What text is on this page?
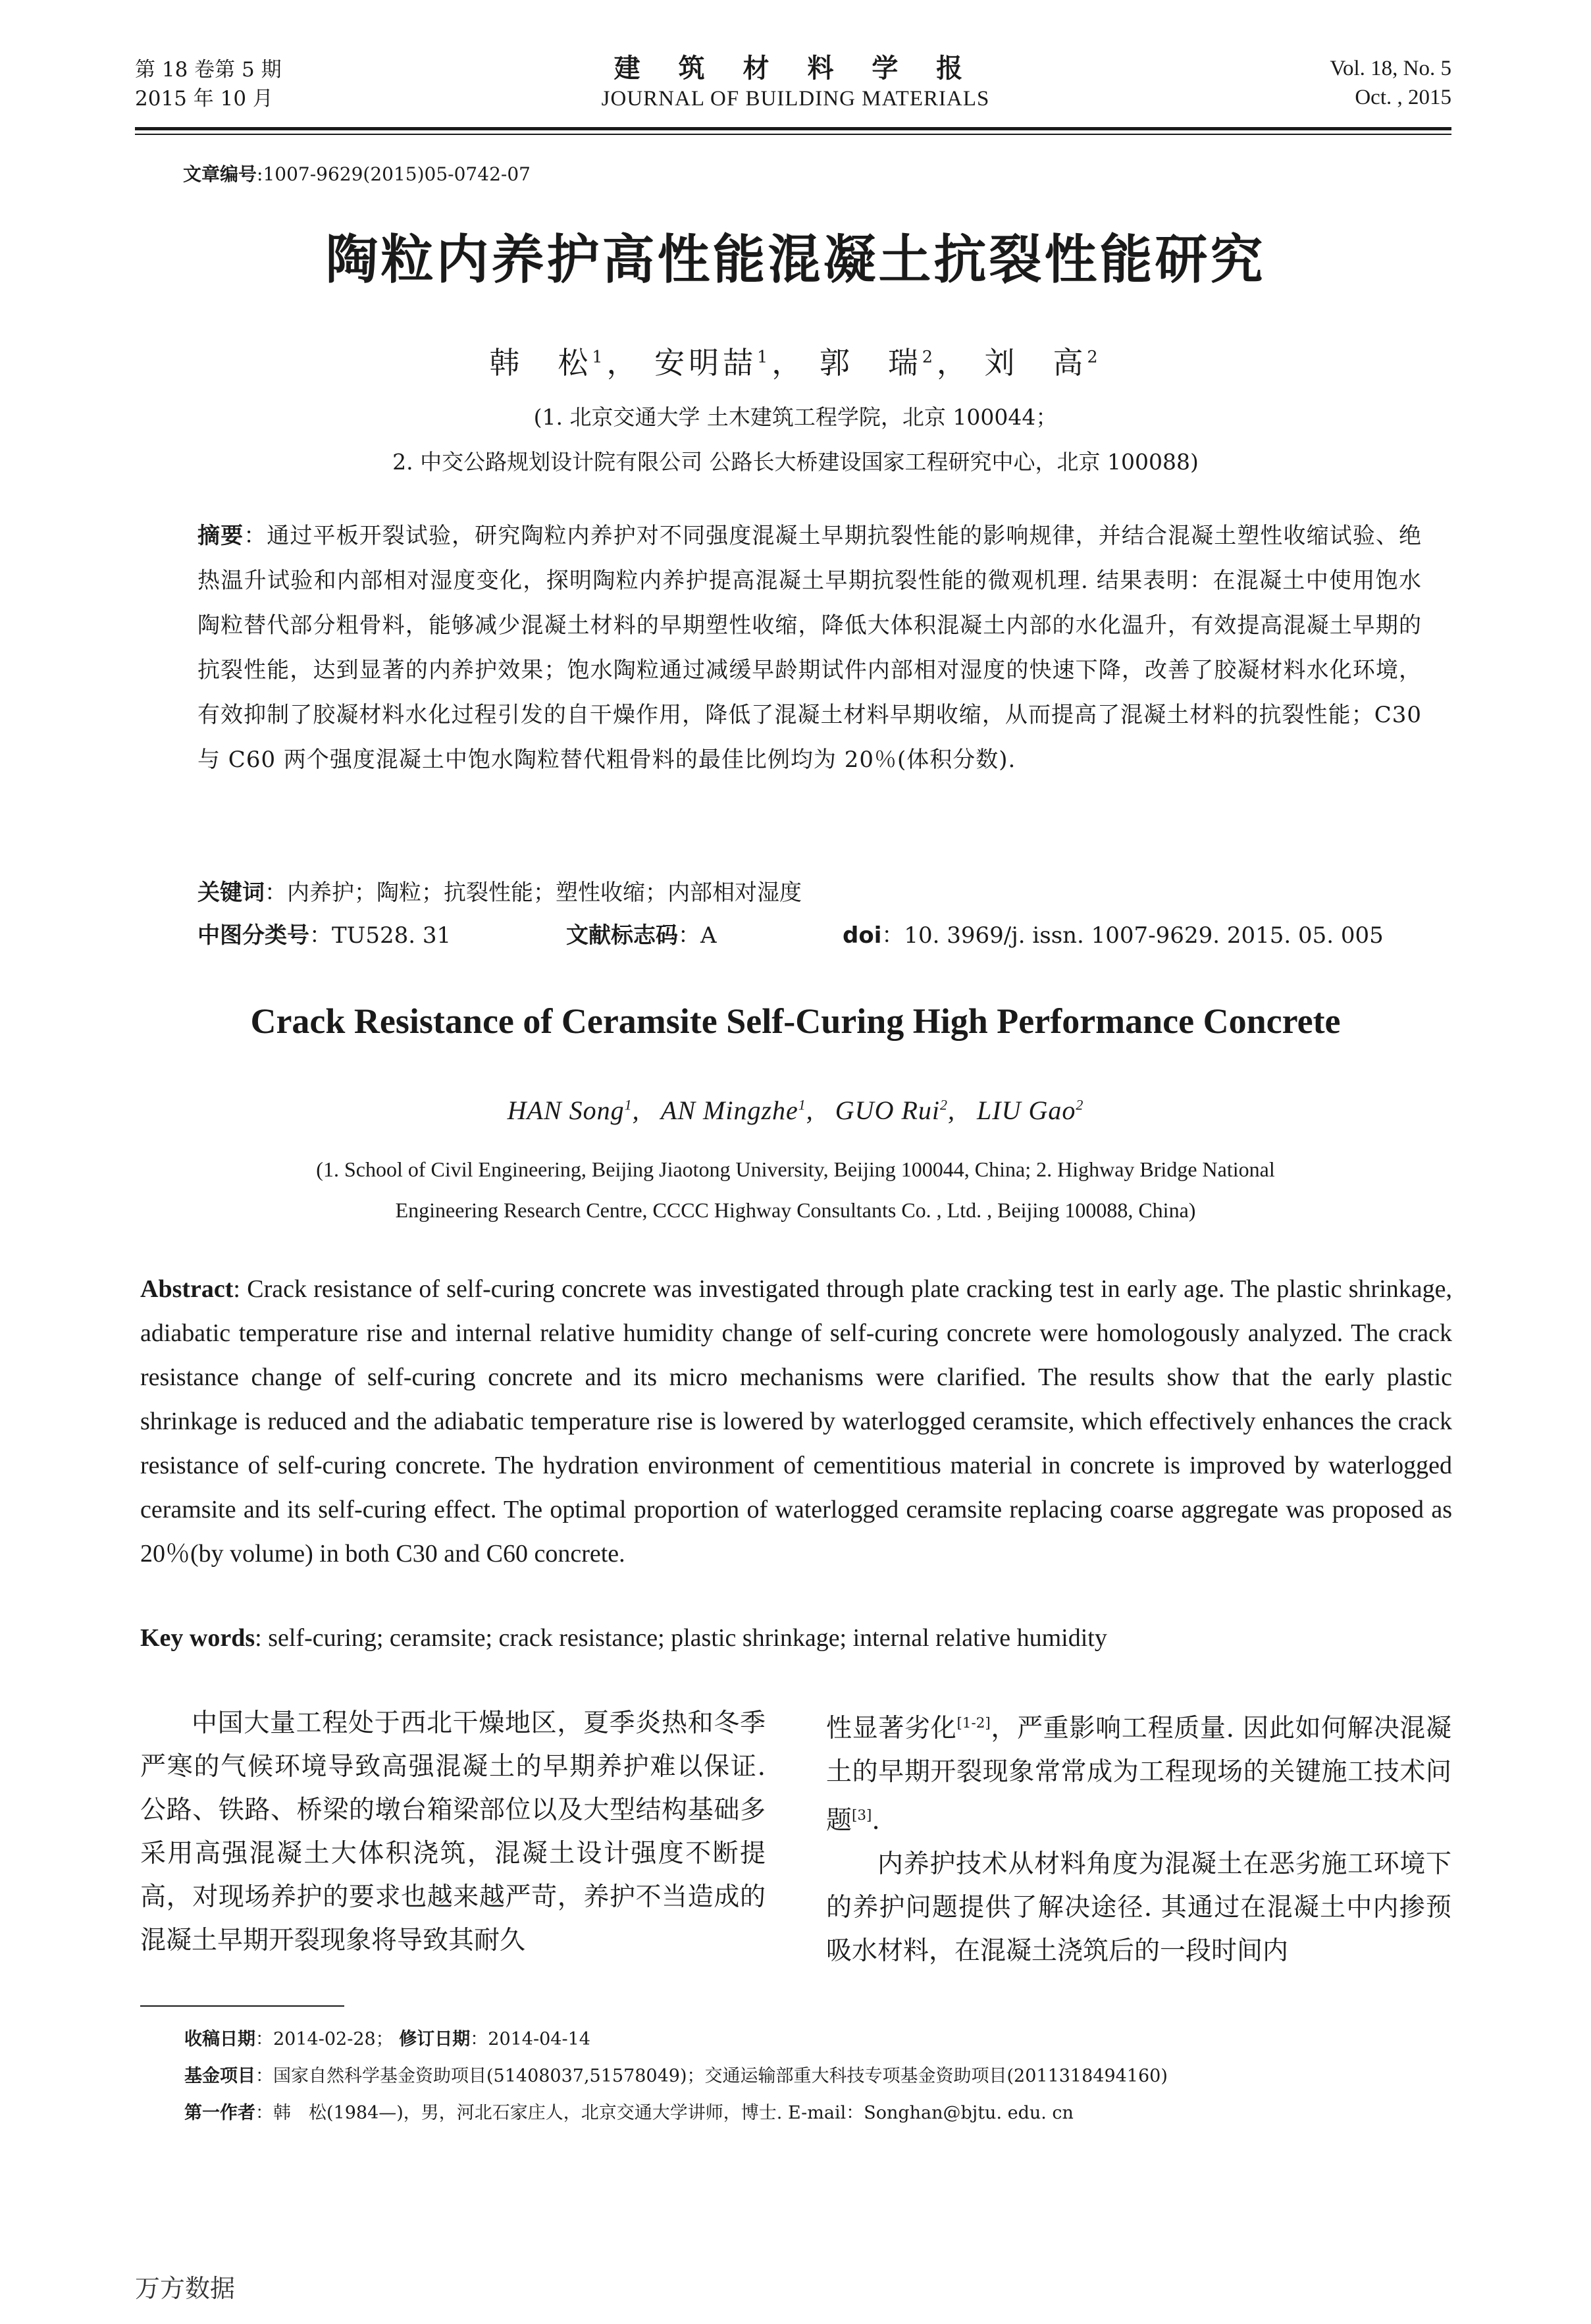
第 18 卷第 5 期
2015 年 10 月
建 筑 材 料 学 报
JOURNAL OF BUILDING MATERIALS
Vol. 18, No. 5
Oct. , 2015
文章编号:1007-9629(2015)05-0742-07
陶粒内养护高性能混凝土抗裂性能研究
韩　松$^1$， 安明喆$^1$， 郭　瑞$^2$， 刘　高$^2$
(1. 北京交通大学 土木建筑工程学院，北京 100044；
2. 中交公路规划设计院有限公司 公路长大桥建设国家工程研究中心，北京 100088)
摘要：通过平板开裂试验，研究陶粒内养护对不同强度混凝土早期抗裂性能的影响规律，并结合混凝土塑性收缩试验、绝热温升试验和内部相对湿度变化，探明陶粒内养护提高混凝土早期抗裂性能的微观机理. 结果表明：在混凝土中使用饱水陶粒替代部分粗骨料，能够减少混凝土材料的早期塑性收缩，降低大体积混凝土内部的水化温升，有效提高混凝土早期的抗裂性能，达到显著的内养护效果；饱水陶粒通过减缓早龄期试件内部相对湿度的快速下降，改善了胶凝材料水化环境，有效抑制了胶凝材料水化过程引发的自干燥作用，降低了混凝土材料早期收缩，从而提高了混凝土材料的抗裂性能；C30 与 C60 两个强度混凝土中饱水陶粒替代粗骨料的最佳比例均为 20％(体积分数).
关键词：内养护；陶粒；抗裂性能；塑性收缩；内部相对湿度
中图分类号：TU528. 31	文献标志码：A	doi：10. 3969/j. issn. 1007-9629. 2015. 05. 005
Crack Resistance of Ceramsite Self-Curing High Performance Concrete
HAN Song$^1$,   AN Mingzhe$^1$,   GUO Rui$^2$,   LIU Gao$^2$
(1. School of Civil Engineering, Beijing Jiaotong University, Beijing 100044, China; 2. Highway Bridge National
Engineering Research Centre, CCCC Highway Consultants Co. , Ltd. , Beijing 100088, China)
Abstract: Crack resistance of self-curing concrete was investigated through plate cracking test in early age. The plastic shrinkage, adiabatic temperature rise and internal relative humidity change of self-curing concrete were homologously analyzed. The crack resistance change of self-curing concrete and its micro mechanisms were clarified. The results show that the early plastic shrinkage is reduced and the adiabatic temperature rise is lowered by waterlogged ceramsite, which effectively enhances the crack resistance of self-curing concrete. The hydration environment of cementitious material in concrete is improved by waterlogged ceramsite and its self-curing effect. The optimal proportion of waterlogged ceramsite replacing coarse aggregate was proposed as 20％(by volume) in both C30 and C60 concrete.
Key words: self-curing; ceramsite; crack resistance; plastic shrinkage; internal relative humidity

中国大量工程处于西北干燥地区，夏季炎热和冬季严寒的气候环境导致高强混凝土的早期养护难以保证. 公路、铁路、桥梁的墩台箱梁部位以及大型结构基础多采用高强混凝土大体积浇筑，混凝土设计强度不断提高，对现场养护的要求也越来越严苛，养护不当造成的混凝土早期开裂现象将导致其耐久

性显著劣化[1-2]，严重影响工程质量. 因此如何解决混凝土的早期开裂现象常常成为工程现场的关键施工技术问题[3].

内养护技术从材料角度为混凝土在恶劣施工环境下的养护问题提供了解决途径. 其通过在混凝土中内掺预吸水材料，在混凝土浇筑后的一段时间内

收稿日期：2014-02-28； 修订日期：2014-04-14
基金项目：国家自然科学基金资助项目(51408037,51578049)；交通运输部重大科技专项基金资助项目(2011318494160)
第一作者：韩　松(1984—)，男，河北石家庄人，北京交通大学讲师，博士. E-mail：Songhan@bjtu. edu. cn
万方数据
